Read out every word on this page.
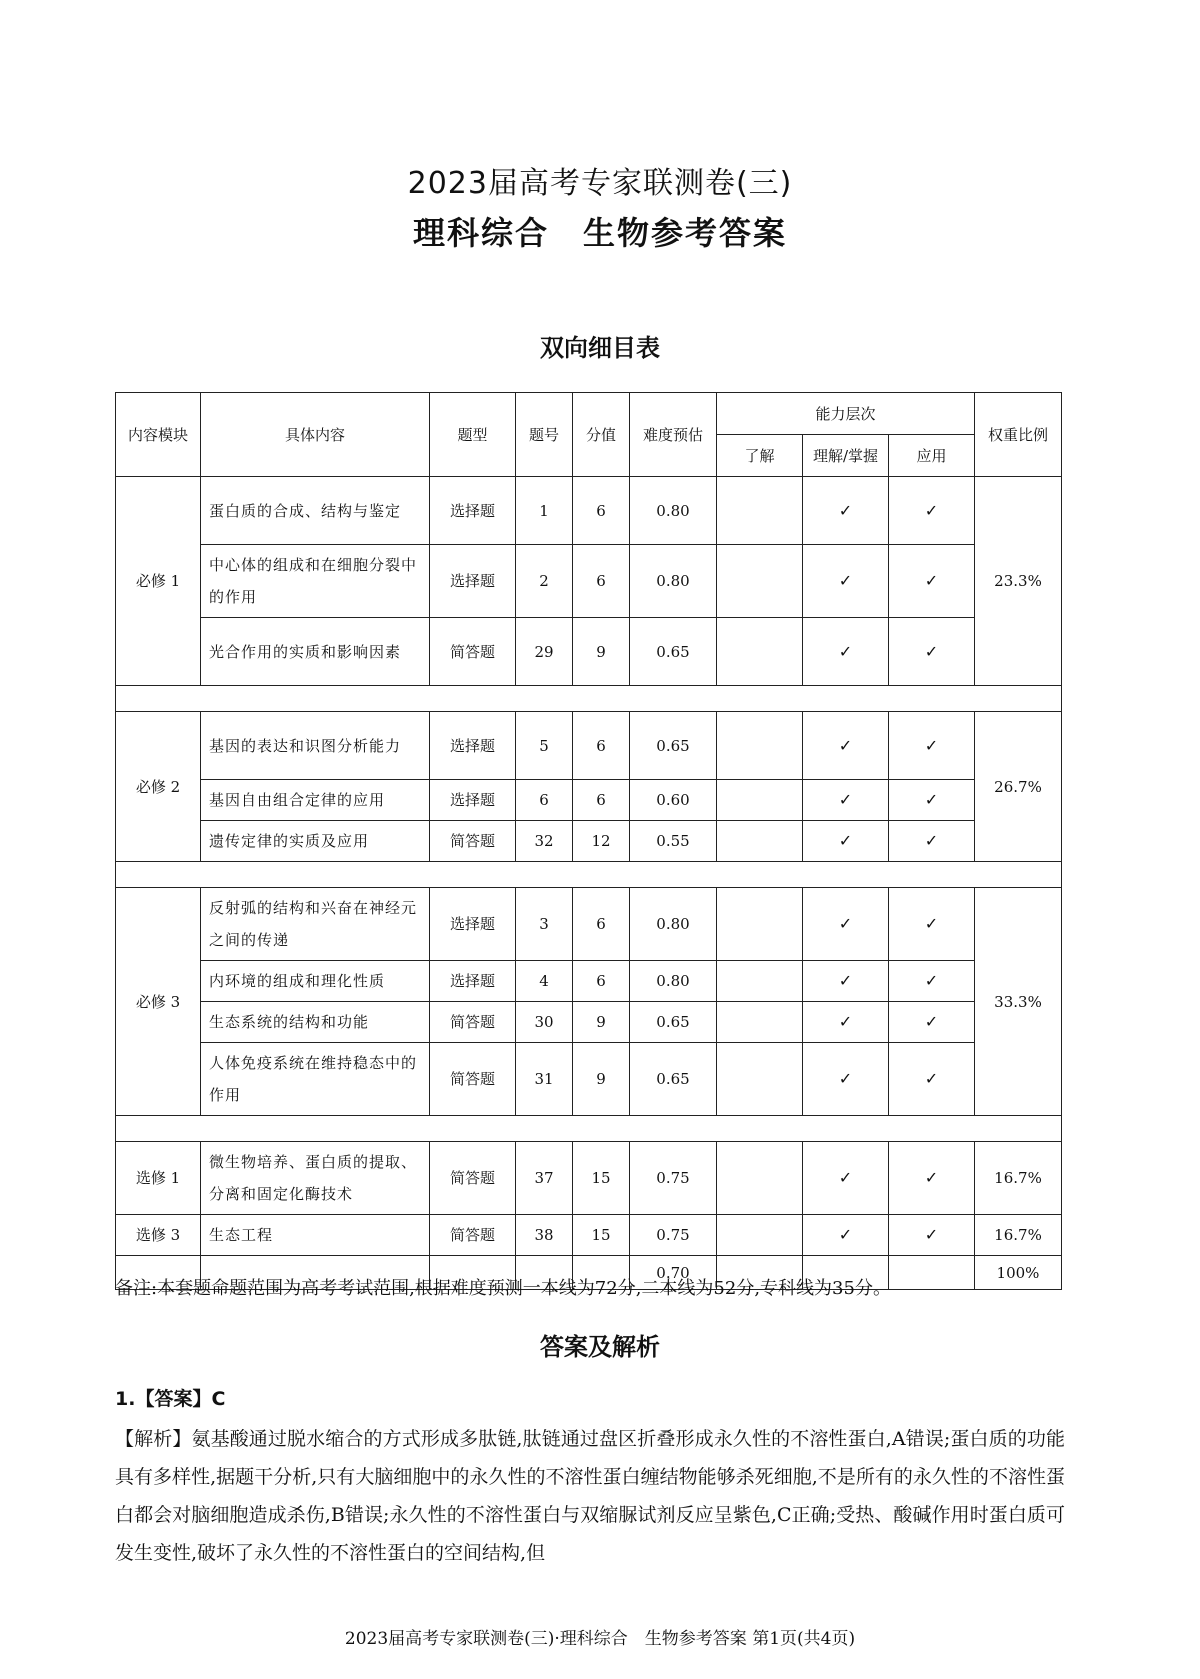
2023届高考专家联测卷(三)
理科综合　生物参考答案
双向细目表
内容模块	具体内容	题型	题号	分值	难度预估	能力层次			权重比例
						了解	理解/掌握	应用	
必修 1	蛋白质的合成、结构与鉴定	选择题	1	6	0.80		✓	✓	23.3%
	中心体的组成和在细胞分裂中的作用	选择题	2	6	0.80		✓	✓	
	光合作用的实质和影响因素	简答题	29	9	0.65		✓	✓	

必修 2	基因的表达和识图分析能力	选择题	5	6	0.65		✓	✓	26.7%
	基因自由组合定律的应用	选择题	6	6	0.60		✓	✓	
	遗传定律的实质及应用	简答题	32	12	0.55		✓	✓	

必修 3	反射弧的结构和兴奋在神经元之间的传递	选择题	3	6	0.80		✓	✓	33.3%
	内环境的组成和理化性质	选择题	4	6	0.80		✓	✓	
	生态系统的结构和功能	简答题	30	9	0.65		✓	✓	
	人体免疫系统在维持稳态中的作用	简答题	31	9	0.65		✓	✓	

选修 1	微生物培养、蛋白质的提取、分离和固定化酶技术	简答题	37	15	0.75		✓	✓	16.7%
选修 3	生态工程	简答题	38	15	0.75		✓	✓	16.7%
					0.70				100%
备注:本套题命题范围为高考考试范围,根据难度预测一本线为72分,二本线为52分,专科线为35分。
答案及解析
1.【答案】C
【解析】氨基酸通过脱水缩合的方式形成多肽链,肽链通过盘区折叠形成永久性的不溶性蛋白,A错误;蛋白质的功能具有多样性,据题干分析,只有大脑细胞中的永久性的不溶性蛋白缠结物能够杀死细胞,不是所有的永久性的不溶性蛋白都会对脑细胞造成杀伤,B错误;永久性的不溶性蛋白与双缩脲试剂反应呈紫色,C正确;受热、酸碱作用时蛋白质可发生变性,破坏了永久性的不溶性蛋白的空间结构,但
2023届高考专家联测卷(三)·理科综合　生物参考答案 第1页(共4页)
